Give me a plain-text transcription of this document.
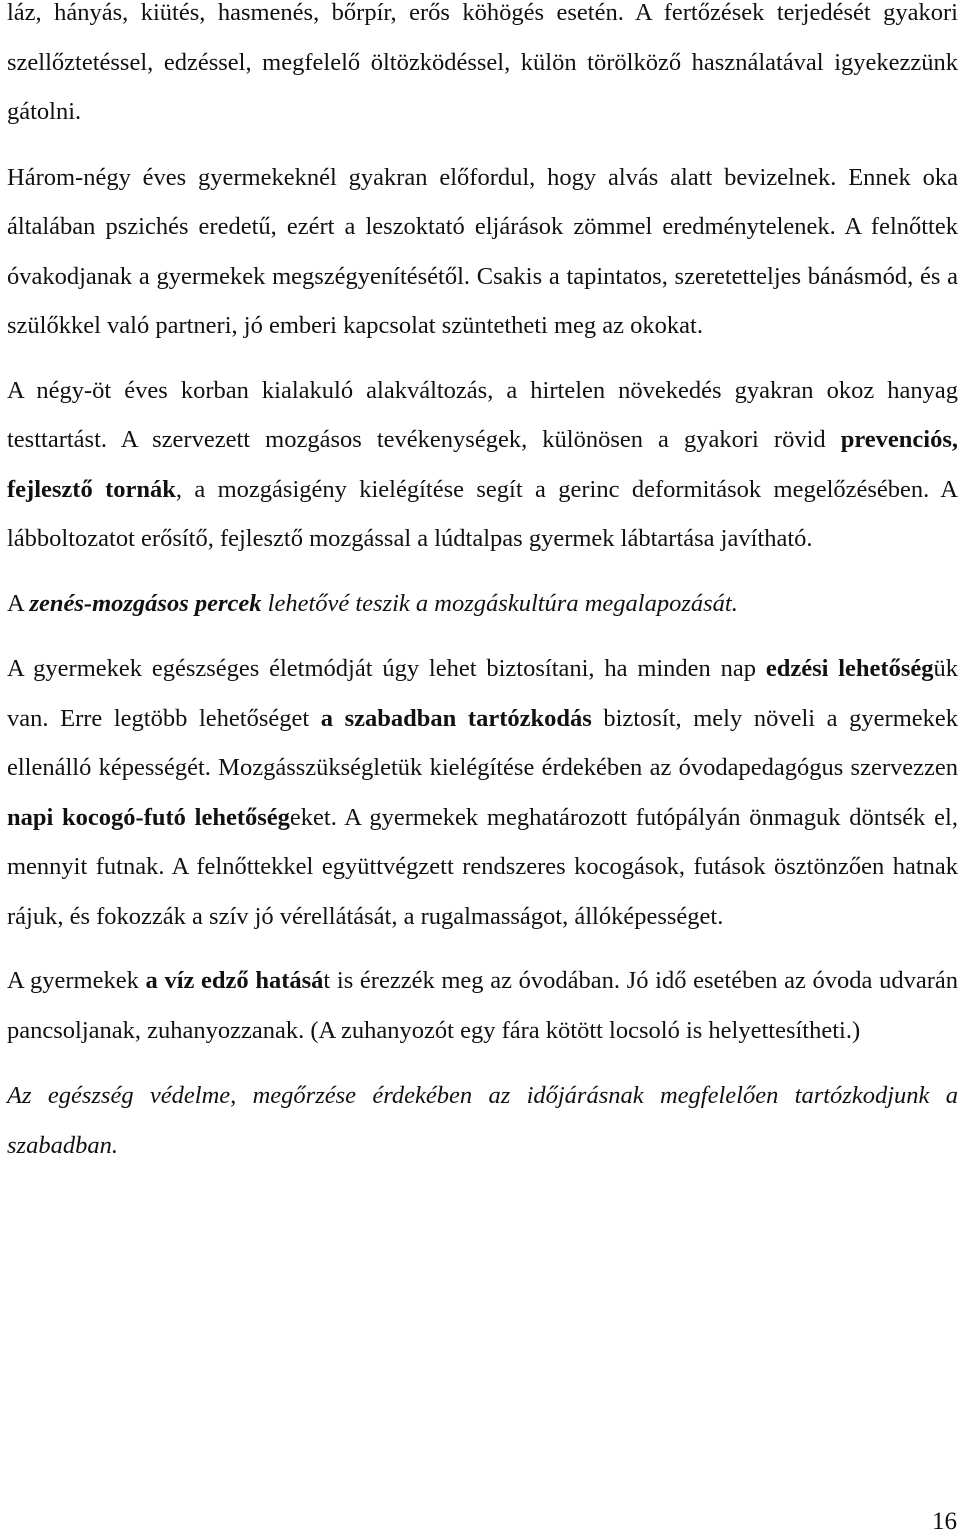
láz, hányás, kiütés, hasmenés, bőrpír, erős köhögés esetén. A fertőzések terjedését gyakori szellőztetéssel, edzéssel, megfelelő öltözködéssel, külön törölköző használatával igyekezzünk gátolni.

Három-négy éves gyermekeknél gyakran előfordul, hogy alvás alatt bevizelnek. Ennek oka általában pszichés eredetű, ezért a leszoktató eljárások zömmel eredménytelenek. A felnőttek óvakodjanak a gyermekek megszégyenítésétől. Csakis a tapintatos, szeretetteljes bánásmód, és a szülőkkel való partneri, jó emberi kapcsolat szüntetheti meg az okokat.

A négy-öt éves korban kialakuló alakváltozás, a hirtelen növekedés gyakran okoz hanyag testtartást. A szervezett mozgásos tevékenységek, különösen a gyakori rövid prevenciós, fejlesztő tornák, a mozgásigény kielégítése segít a gerinc deformitások megelőzésében. A lábboltozatot erősítő, fejlesztő mozgással a lúdtalpas gyermek lábtartása javítható.

A zenés-mozgásos percek lehetővé teszik a mozgáskultúra megalapozását.

A gyermekek egészséges életmódját úgy lehet biztosítani, ha minden nap edzési lehetőségük van. Erre legtöbb lehetőséget a szabadban tartózkodás biztosít, mely növeli a gyermekek ellenálló képességét. Mozgásszükségletük kielégítése érdekében az óvodapedagógus szervezzen napi kocogó-futó lehetőségeket. A gyermekek meghatározott futópályán önmaguk döntsék el, mennyit futnak. A felnőttekkel együttvégzett rendszeres kocogások, futások ösztönzően hatnak rájuk, és fokozzák a szív jó vérellátását, a rugalmasságot, állóképességet.

A gyermekek a víz edző hatását is érezzék meg az óvodában. Jó idő esetében az óvoda udvarán pancsoljanak, zuhanyozzanak. (A zuhanyozót egy fára kötött locsoló is helyettesítheti.)

Az egészség védelme, megőrzése érdekében az időjárásnak megfelelően tartózkodjunk a szabadban.

16
